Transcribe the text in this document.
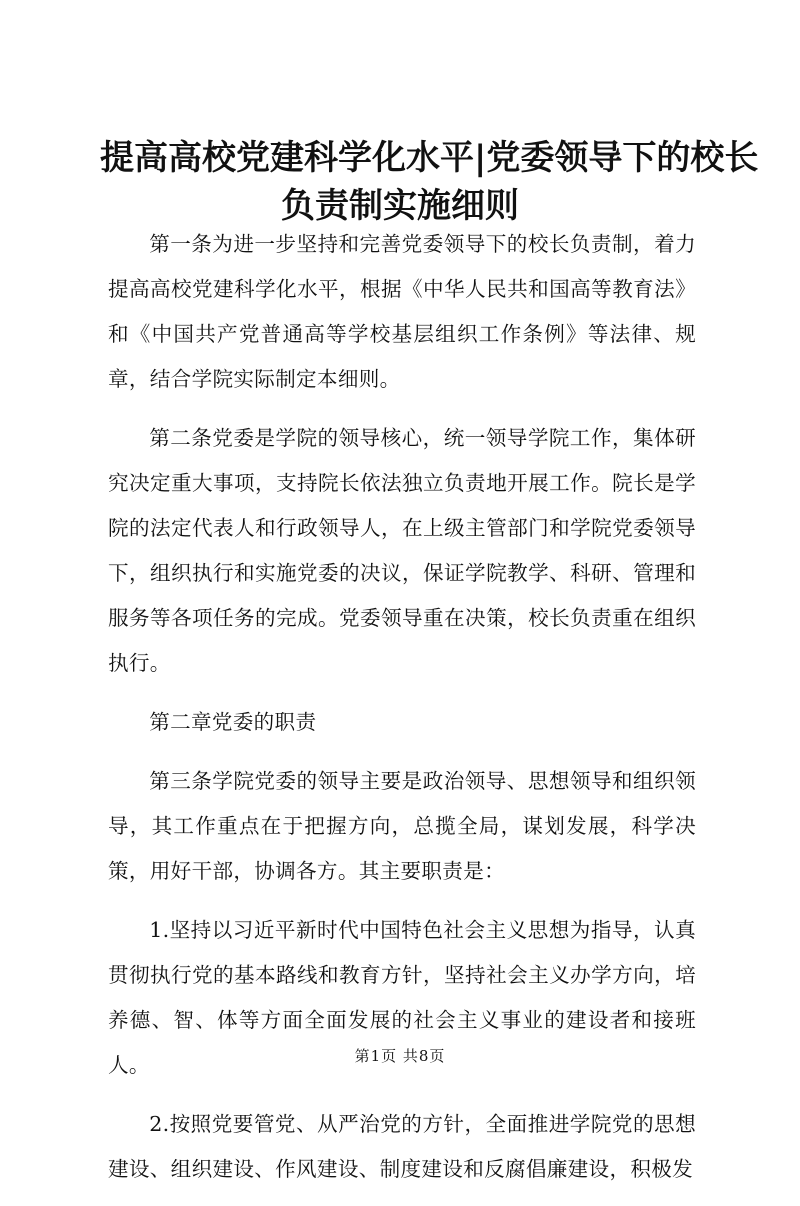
提高高校党建科学化水平|党委领导下的校长
负责制实施细则

第一条为进一步坚持和完善党委领导下的校长负责制，着力提高高校党建科学化水平，根据《中华人民共和国高等教育法》和《中国共产党普通高等学校基层组织工作条例》等法律、规章，结合学院实际制定本细则。

第二条党委是学院的领导核心，统一领导学院工作，集体研究决定重大事项，支持院长依法独立负责地开展工作。院长是学院的法定代表人和行政领导人，在上级主管部门和学院党委领导下，组织执行和实施党委的决议，保证学院教学、科研、管理和服务等各项任务的完成。党委领导重在决策，校长负责重在组织执行。

第二章党委的职责

第三条学院党委的领导主要是政治领导、思想领导和组织领导，其工作重点在于把握方向，总揽全局，谋划发展，科学决策，用好干部，协调各方。其主要职责是：

1.坚持以习近平新时代中国特色社会主义思想为指导，认真贯彻执行党的基本路线和教育方针，坚持社会主义办学方向，培养德、智、体等方面全面发展的社会主义事业的建设者和接班人。

2.按照党要管党、从严治党的方针，全面推进学院党的思想建设、组织建设、作风建设、制度建设和反腐倡廉建设，积极发

第1页 共8页
